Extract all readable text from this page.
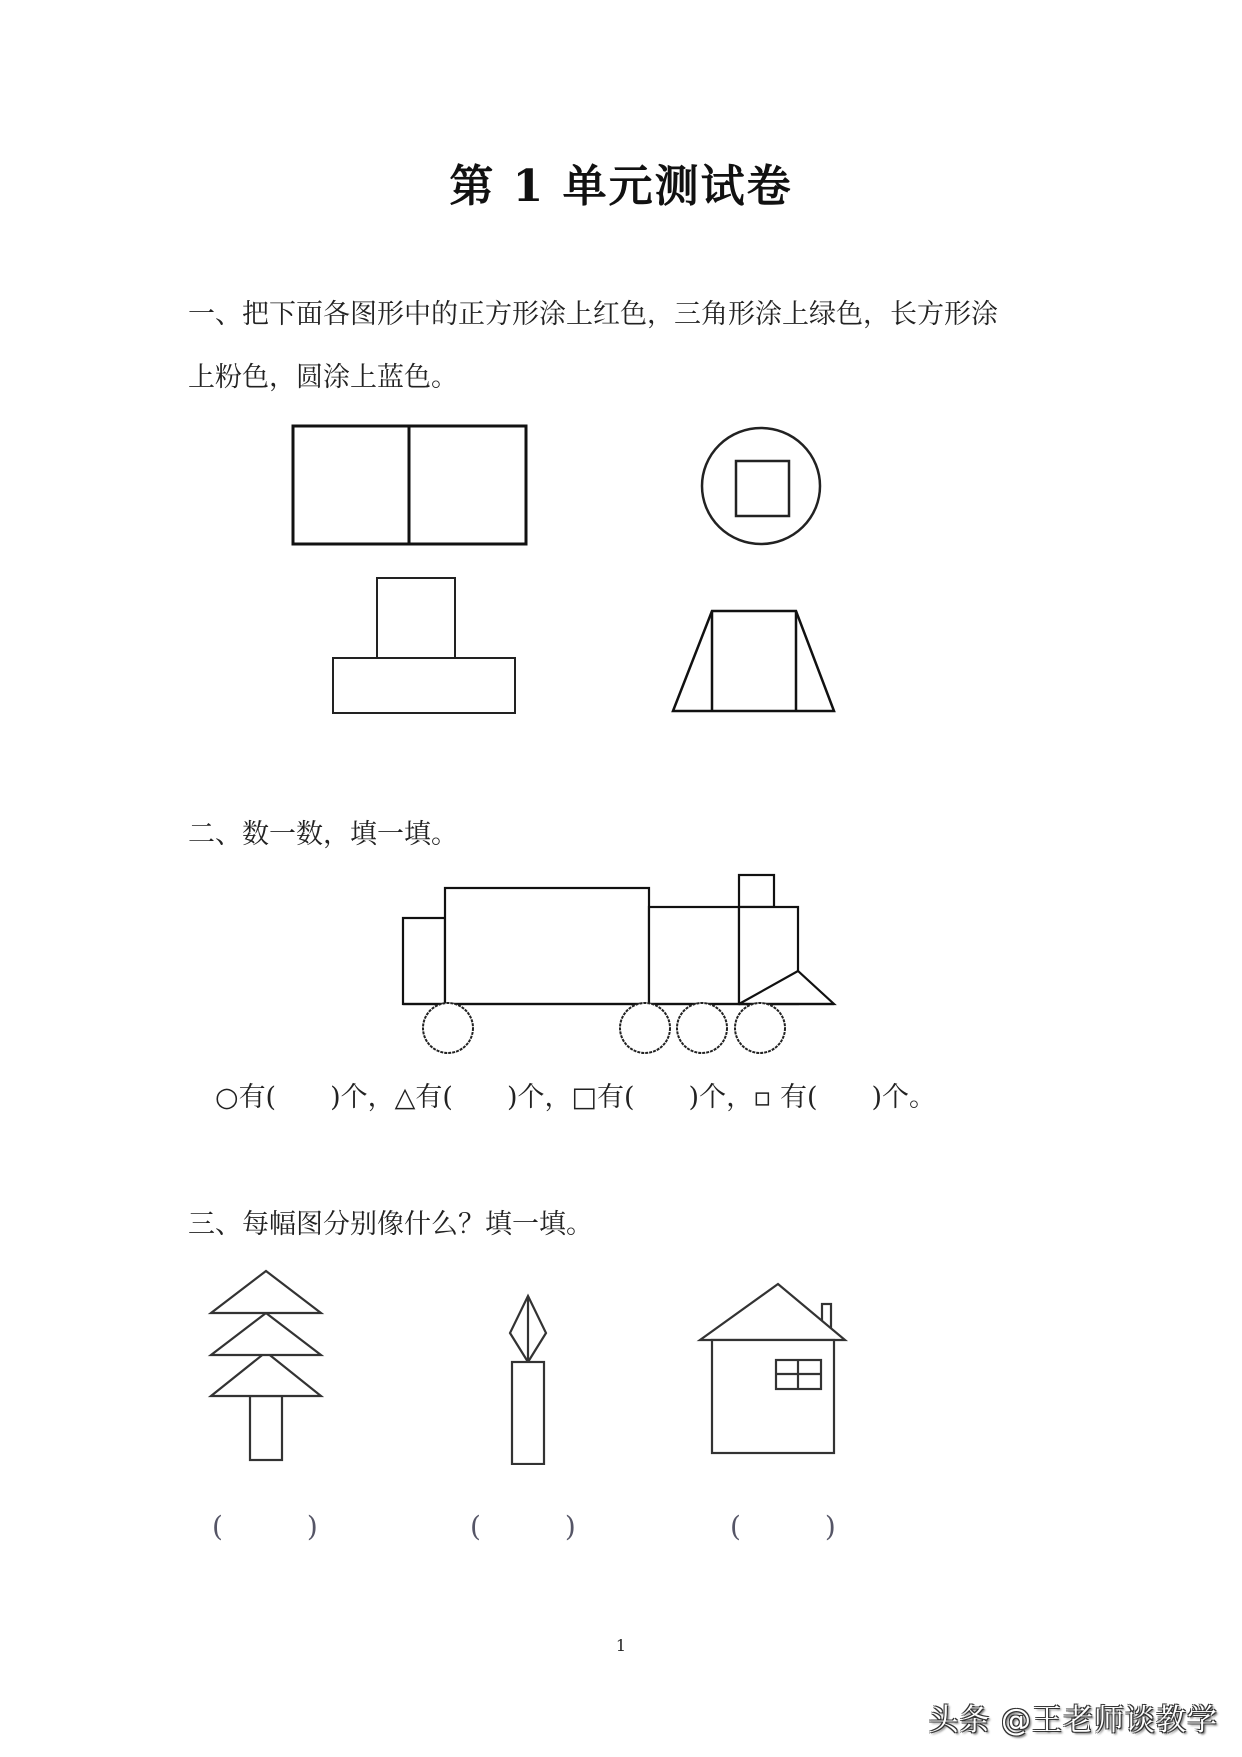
第 1 单元测试卷
一、把下面各图形中的正方形涂上红色，三角形涂上绿色，长方形涂
上粉色，圆涂上蓝色。
二、数一数，填一填。
○有(　　)个，△有(　　)个，□有(　　)个，▫ 有(　　)个。
三、每幅图分别像什么？填一填。
(　　　)	(　　　)	(　　　)
1
头条 @王老师谈教学
